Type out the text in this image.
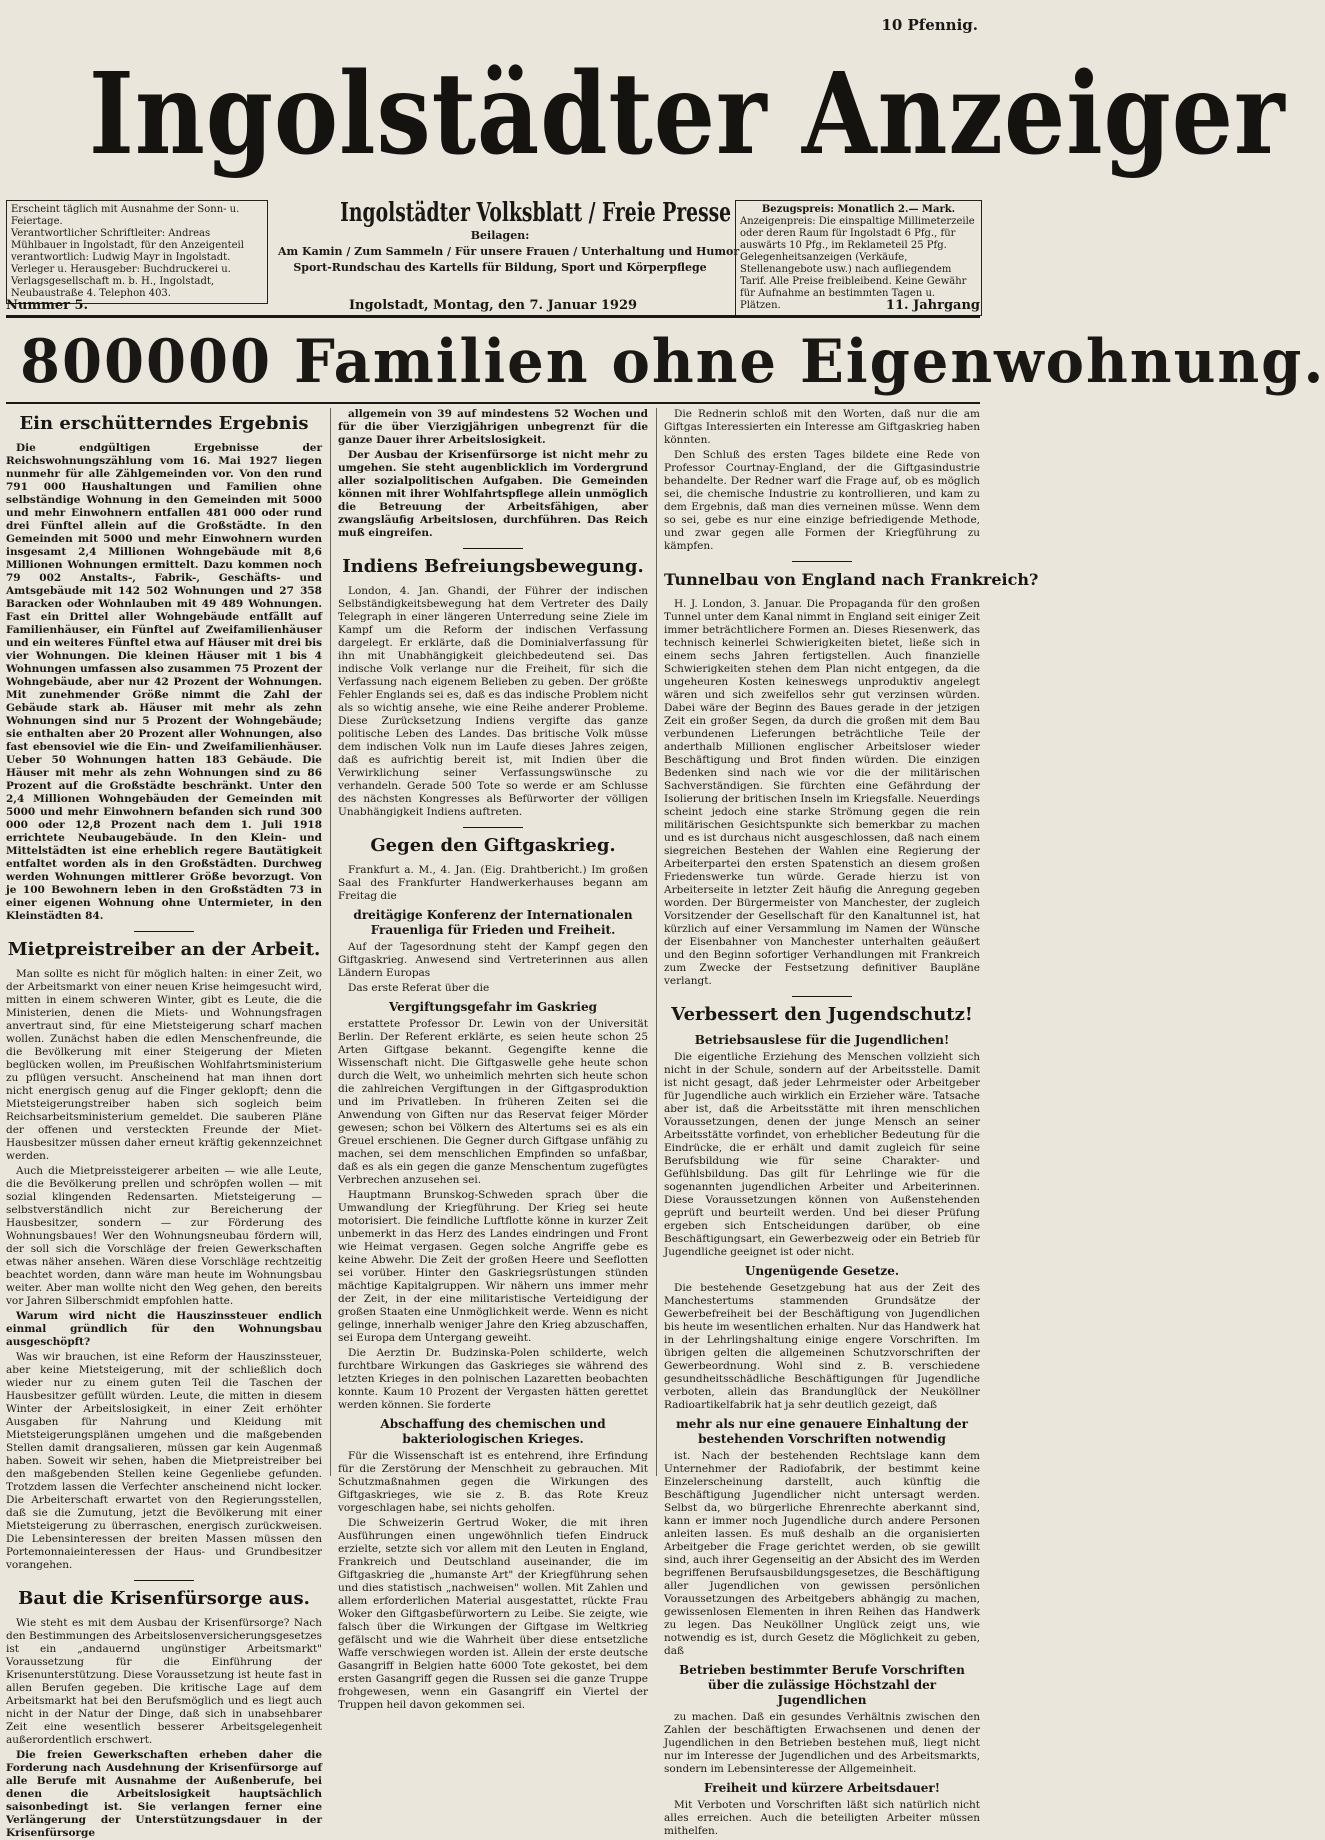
10 Pfennig.
Ingolstädter Anzeiger
Erscheint täglich mit Ausnahme der Sonn- u. Feiertage.
Verantwortlicher Schriftleiter: Andreas Mühlbauer in Ingolstadt, für den Anzeigenteil verantwortlich: Ludwig Mayr in Ingolstadt.
Verleger u. Herausgeber: Buchdruckerei u. Verlagsgesellschaft m. b. H., Ingolstadt, Neubaustraße 4. Telephon 403.
Ingolstädter Volksblatt / Freie Presse
Beilagen:
Am Kamin / Zum Sammeln / Für unsere Frauen / Unterhaltung und Humor
Sport-Rundschau des Kartells für Bildung, Sport und Körperpflege
Bezugspreis: Monatlich 2.— Mark.
Anzeigenpreis: Die einspaltige Millimeterzeile oder deren Raum für Ingolstadt 6 Pfg., für auswärts 10 Pfg., im Reklameteil 25 Pfg. Gelegenheitsanzeigen (Verkäufe, Stellenangebote usw.) nach aufliegendem Tarif. Alle Preise freibleibend. Keine Gewähr für Aufnahme an bestimmten Tagen u. Plätzen.
Nummer 5.	Ingolstadt, Montag, den 7. Januar 1929	11. Jahrgang
800000 Familien ohne Eigenwohnung.
Ein erschütterndes Ergebnis

Die endgültigen Ergebnisse der Reichswohnungszählung vom 16. Mai 1927 liegen nunmehr für alle Zählgemeinden vor. Von den rund 791 000 Haushaltungen und Familien ohne selbständige Wohnung in den Gemeinden mit 5000 und mehr Einwohnern entfallen 481 000 oder rund drei Fünftel allein auf die Großstädte. In den Gemeinden mit 5000 und mehr Einwohnern wurden insgesamt 2,4 Millionen Wohngebäude mit 8,6 Millionen Wohnungen ermittelt. Dazu kommen noch 79 002 Anstalts-, Fabrik-, Geschäfts- und Amtsgebäude mit 142 502 Wohnungen und 27 358 Baracken oder Wohnlauben mit 49 489 Wohnungen. Fast ein Drittel aller Wohngebäude entfällt auf Familienhäuser, ein Fünftel auf Zweifamilienhäuser und ein weiteres Fünftel etwa auf Häuser mit drei bis vier Wohnungen. Die kleinen Häuser mit 1 bis 4 Wohnungen umfassen also zusammen 75 Prozent der Wohngebäude, aber nur 42 Prozent der Wohnungen. Mit zunehmender Größe nimmt die Zahl der Gebäude stark ab. Häuser mit mehr als zehn Wohnungen sind nur 5 Prozent der Wohngebäude; sie enthalten aber 20 Prozent aller Wohnungen, also fast ebensoviel wie die Ein- und Zweifamilienhäuser. Ueber 50 Wohnungen hatten 183 Gebäude. Die Häuser mit mehr als zehn Wohnungen sind zu 86 Prozent auf die Großstädte beschränkt. Unter den 2,4 Millionen Wohngebäuden der Gemeinden mit 5000 und mehr Einwohnern befanden sich rund 300 000 oder 12,8 Prozent nach dem 1. Juli 1918 errichtete Neubaugebäude. In den Klein- und Mittelstädten ist eine erheblich regere Bautätigkeit entfaltet worden als in den Großstädten. Durchweg werden Wohnungen mittlerer Größe bevorzugt. Von je 100 Bewohnern leben in den Großstädten 73 in einer eigenen Wohnung ohne Untermieter, in den Kleinstädten 84.

Mietpreistreiber an der Arbeit.

Man sollte es nicht für möglich halten: in einer Zeit, wo der Arbeitsmarkt von einer neuen Krise heimgesucht wird, mitten in einem schweren Winter, gibt es Leute, die die Ministerien, denen die Miets- und Wohnungsfragen anvertraut sind, für eine Mietsteigerung scharf machen wollen. Zunächst haben die edlen Menschenfreunde, die die Bevölkerung mit einer Steigerung der Mieten beglücken wollen, im Preußischen Wohlfahrtsministerium zu pflügen versucht. Anscheinend hat man ihnen dort nicht energisch genug auf die Finger geklopft; denn die Mietsteigerungstreiber haben sich sogleich beim Reichsarbeitsministerium gemeldet. Die sauberen Pläne der offenen und versteckten Freunde der Miet-Hausbesitzer müssen daher erneut kräftig gekennzeichnet werden.

Auch die Mietpreissteigerer arbeiten — wie alle Leute, die die Bevölkerung prellen und schröpfen wollen — mit sozial klingenden Redensarten. Mietsteigerung — selbstverständlich nicht zur Bereicherung der Hausbesitzer, sondern — zur Förderung des Wohnungsbaues! Wer den Wohnungsneubau fördern will, der soll sich die Vorschläge der freien Gewerkschaften etwas näher ansehen. Wären diese Vorschläge rechtzeitig beachtet worden, dann wäre man heute im Wohnungsbau weiter. Aber man wollte nicht den Weg gehen, den bereits vor Jahren Silberschmidt empfohlen hatte.

Warum wird nicht die Hauszinssteuer endlich einmal gründlich für den Wohnungsbau ausgeschöpft?

Was wir brauchen, ist eine Reform der Hauszinssteuer, aber keine Mietsteigerung, mit der schließlich doch wieder nur zu einem guten Teil die Taschen der Hausbesitzer gefüllt würden. Leute, die mitten in diesem Winter der Arbeitslosigkeit, in einer Zeit erhöhter Ausgaben für Nahrung und Kleidung mit Mietsteigerungsplänen umgehen und die maßgebenden Stellen damit drangsalieren, müssen gar kein Augenmaß haben. Soweit wir sehen, haben die Mietpreistreiber bei den maßgebenden Stellen keine Gegenliebe gefunden. Trotzdem lassen die Verfechter anscheinend nicht locker. Die Arbeiterschaft erwartet von den Regierungsstellen, daß sie die Zumutung, jetzt die Bevölkerung mit einer Mietsteigerung zu überraschen, energisch zurückweisen. Die Lebensinteressen der breiten Massen müssen den Portemonnaieinteressen der Haus- und Grundbesitzer vorangehen.

Baut die Krisenfürsorge aus.

Wie steht es mit dem Ausbau der Krisenfürsorge? Nach den Bestimmungen des Arbeitslosenversicherungsgesetzes ist ein „andauernd ungünstiger Arbeitsmarkt" Voraussetzung für die Einführung der Krisenunterstützung. Diese Voraussetzung ist heute fast in allen Berufen gegeben. Die kritische Lage auf dem Arbeitsmarkt hat bei den Berufsmöglich und es liegt auch nicht in der Natur der Dinge, daß sich in unabsehbarer Zeit eine wesentlich besserer Arbeitsgelegenheit außerordentlich erschwert.

Die freien Gewerkschaften erheben daher die Forderung nach Ausdehnung der Krisenfürsorge auf alle Berufe mit Ausnahme der Außenberufe, bei denen die Arbeitslosigkeit hauptsächlich saisonbedingt ist. Sie verlangen ferner eine Verlängerung der Unterstützungsdauer in der Krisenfürsorge

allgemein von 39 auf mindestens 52 Wochen und für die über Vierzigjährigen unbegrenzt für die ganze Dauer ihrer Arbeitslosigkeit.

Der Ausbau der Krisenfürsorge ist nicht mehr zu umgehen. Sie steht augenblicklich im Vordergrund aller sozialpolitischen Aufgaben. Die Gemeinden können mit ihrer Wohlfahrtspflege allein unmöglich die Betreuung der Arbeitsfähigen, aber zwangsläufig Arbeitslosen, durchführen. Das Reich muß eingreifen.

Indiens Befreiungsbewegung.

London, 4. Jan. Ghandi, der Führer der indischen Selbständigkeitsbewegung hat dem Vertreter des Daily Telegraph in einer längeren Unterredung seine Ziele im Kampf um die Reform der indischen Verfassung dargelegt. Er erklärte, daß die Dominialverfassung für ihn mit Unabhängigkeit gleichbedeutend sei. Das indische Volk verlange nur die Freiheit, für sich die Verfassung nach eigenem Belieben zu geben. Der größte Fehler Englands sei es, daß es das indische Problem nicht als so wichtig ansehe, wie eine Reihe anderer Probleme. Diese Zurücksetzung Indiens vergifte das ganze politische Leben des Landes. Das britische Volk müsse dem indischen Volk nun im Laufe dieses Jahres zeigen, daß es aufrichtig bereit ist, mit Indien über die Verwirklichung seiner Verfassungswünsche zu verhandeln. Gerade 500 Tote so werde er am Schlusse des nächsten Kongresses als Befürworter der völligen Unabhängigkeit Indiens auftreten.

Gegen den Giftgaskrieg.

Frankfurt a. M., 4. Jan. (Eig. Drahtbericht.) Im großen Saal des Frankfurter Handwerkerhauses begann am Freitag die

dreitägige Konferenz der Internationalen Frauenliga für Frieden und Freiheit.

Auf der Tagesordnung steht der Kampf gegen den Giftgaskrieg. Anwesend sind Vertreterinnen aus allen Ländern Europas

Das erste Referat über die

Vergiftungsgefahr im Gaskrieg

erstattete Professor Dr. Lewin von der Universität Berlin. Der Referent erklärte, es seien heute schon 25 Arten Giftgase bekannt. Gegengifte kenne die Wissenschaft nicht. Die Giftgaswelle gehe heute schon durch die Welt, wo unheimlich mehrten sich heute schon die zahlreichen Vergiftungen in der Giftgasproduktion und im Privatleben. In früheren Zeiten sei die Anwendung von Giften nur das Reservat feiger Mörder gewesen; schon bei Völkern des Altertums sei es als ein Greuel erschienen. Die Gegner durch Giftgase unfähig zu machen, sei dem menschlichen Empfinden so unfaßbar, daß es als ein gegen die ganze Menschentum zugefügtes Verbrechen anzusehen sei.

Hauptmann Brunskog-Schweden sprach über die Umwandlung der Kriegführung. Der Krieg sei heute motorisiert. Die feindliche Luftflotte könne in kurzer Zeit unbemerkt in das Herz des Landes eindringen und Front wie Heimat vergasen. Gegen solche Angriffe gebe es keine Abwehr. Die Zeit der großen Heere und Seeflotten sei vorüber. Hinter den Gaskriegsrüstungen stünden mächtige Kapitalgruppen. Wir nähern uns immer mehr der Zeit, in der eine militaristische Verteidigung der großen Staaten eine Unmöglichkeit werde. Wenn es nicht gelinge, innerhalb weniger Jahre den Krieg abzuschaffen, sei Europa dem Untergang geweiht.

Die Aerztin Dr. Budzinska-Polen schilderte, welch furchtbare Wirkungen das Gaskrieges sie während des letzten Krieges in den polnischen Lazaretten beobachten konnte. Kaum 10 Prozent der Vergasten hätten gerettet werden können. Sie forderte

Abschaffung des chemischen und bakteriologischen Krieges.

Für die Wissenschaft ist es entehrend, ihre Erfindung für die Zerstörung der Menschheit zu gebrauchen. Mit Schutzmaßnahmen gegen die Wirkungen des Giftgaskrieges, wie sie z. B. das Rote Kreuz vorgeschlagen habe, sei nichts geholfen.

Die Schweizerin Gertrud Woker, die mit ihren Ausführungen einen ungewöhnlich tiefen Eindruck erzielte, setzte sich vor allem mit den Leuten in England, Frankreich und Deutschland auseinander, die im Giftgaskrieg die „humanste Art" der Kriegführung sehen und dies statistisch „nachweisen" wollen. Mit Zahlen und allem erforderlichen Material ausgestattet, rückte Frau Woker den Giftgasbefürwortern zu Leibe. Sie zeigte, wie falsch über die Wirkungen der Giftgase im Weltkrieg gefälscht und wie die Wahrheit über diese entsetzliche Waffe verschwiegen worden ist. Allein der erste deutsche Gasangriff in Belgien hatte 6000 Tote gekostet, bei dem ersten Gasangriff gegen die Russen sei die ganze Truppe frohgewesen, wenn ein Gasangriff ein Viertel der Truppen heil davon gekommen sei.

Die Rednerin schloß mit den Worten, daß nur die am Giftgas Interessierten ein Interesse am Giftgaskrieg haben könnten.

Den Schluß des ersten Tages bildete eine Rede von Professor Courtnay-England, der die Giftgasindustrie behandelte. Der Redner warf die Frage auf, ob es möglich sei, die chemische Industrie zu kontrollieren, und kam zu dem Ergebnis, daß man dies verneinen müsse. Wenn dem so sei, gebe es nur eine einzige befriedigende Methode, und zwar gegen alle Formen der Kriegführung zu kämpfen.

Tunnelbau von England nach Frankreich?

H. J. London, 3. Januar. Die Propaganda für den großen Tunnel unter dem Kanal nimmt in England seit einiger Zeit immer beträchtlichere Formen an. Dieses Riesenwerk, das technisch keinerlei Schwierigkeiten bietet, ließe sich in einem sechs Jahren fertigstellen. Auch finanzielle Schwierigkeiten stehen dem Plan nicht entgegen, da die ungeheuren Kosten keineswegs unproduktiv angelegt wären und sich zweifellos sehr gut verzinsen würden. Dabei wäre der Beginn des Baues gerade in der jetzigen Zeit ein großer Segen, da durch die großen mit dem Bau verbundenen Lieferungen beträchtliche Teile der anderthalb Millionen englischer Arbeitsloser wieder Beschäftigung und Brot finden würden. Die einzigen Bedenken sind nach wie vor die der militärischen Sachverständigen. Sie fürchten eine Gefährdung der Isolierung der britischen Inseln im Kriegsfalle. Neuerdings scheint jedoch eine starke Strömung gegen die rein militärischen Gesichtspunkte sich bemerkbar zu machen und es ist durchaus nicht ausgeschlossen, daß nach einem siegreichen Bestehen der Wahlen eine Regierung der Arbeiterpartei den ersten Spatenstich an diesem großen Friedenswerke tun würde. Gerade hierzu ist von Arbeiterseite in letzter Zeit häufig die Anregung gegeben worden. Der Bürgermeister von Manchester, der zugleich Vorsitzender der Gesellschaft für den Kanaltunnel ist, hat kürzlich auf einer Versammlung im Namen der Wünsche der Eisenbahner von Manchester unterhalten geäußert und den Beginn sofortiger Verhandlungen mit Frankreich zum Zwecke der Festsetzung definitiver Baupläne verlangt.

Verbessert den Jugendschutz!
Betriebsauslese für die Jugendlichen!

Die eigentliche Erziehung des Menschen vollzieht sich nicht in der Schule, sondern auf der Arbeitsstelle. Damit ist nicht gesagt, daß jeder Lehrmeister oder Arbeitgeber für Jugendliche auch wirklich ein Erzieher wäre. Tatsache aber ist, daß die Arbeitsstätte mit ihren menschlichen Voraussetzungen, denen der junge Mensch an seiner Arbeitsstätte vorfindet, von erheblicher Bedeutung für die Eindrücke, die er erhält und damit zugleich für seine Berufsbildung wie für seine Charakter- und Gefühlsbildung. Das gilt für Lehrlinge wie für die sogenannten jugendlichen Arbeiter und Arbeiterinnen. Diese Voraussetzungen können von Außenstehenden geprüft und beurteilt werden. Und bei dieser Prüfung ergeben sich Entscheidungen darüber, ob eine Beschäftigungsart, ein Gewerbezweig oder ein Betrieb für Jugendliche geeignet ist oder nicht.

Ungenügende Gesetze.

Die bestehende Gesetzgebung hat aus der Zeit des Manchestertums stammenden Grundsätze der Gewerbefreiheit bei der Beschäftigung von Jugendlichen bis heute im wesentlichen erhalten. Nur das Handwerk hat in der Lehrlingshaltung einige engere Vorschriften. Im übrigen gelten die allgemeinen Schutzvorschriften der Gewerbeordnung. Wohl sind z. B. verschiedene gesundheitsschädliche Beschäftigungen für Jugendliche verboten, allein das Brandunglück der Neuköllner Radioartikelfabrik hat ja sehr deutlich gezeigt, daß

mehr als nur eine genauere Einhaltung der bestehenden Vorschriften notwendig

ist. Nach der bestehenden Rechtslage kann dem Unternehmer der Radiofabrik, der bestimmt keine Einzelerscheinung darstellt, auch künftig die Beschäftigung Jugendlicher nicht untersagt werden. Selbst da, wo bürgerliche Ehrenrechte aberkannt sind, kann er immer noch Jugendliche durch andere Personen anleiten lassen. Es muß deshalb an die organisierten Arbeitgeber die Frage gerichtet werden, ob sie gewillt sind, auch ihrer Gegenseitig an der Absicht des im Werden begriffenen Berufsausbildungsgesetzes, die Beschäftigung aller Jugendlichen von gewissen persönlichen Voraussetzungen des Arbeitgebers abhängig zu machen, gewissenlosen Elementen in ihren Reihen das Handwerk zu legen. Das Neuköllner Unglück zeigt uns, wie notwendig es ist, durch Gesetz die Möglichkeit zu geben, daß

Betrieben bestimmter Berufe Vorschriften über die zulässige Höchstzahl der Jugendlichen

zu machen. Daß ein gesundes Verhältnis zwischen den Zahlen der beschäftigten Erwachsenen und denen der Jugendlichen in den Betrieben bestehen muß, liegt nicht nur im Interesse der Jugendlichen und des Arbeitsmarkts, sondern im Lebensinteresse der Allgemeinheit.

Freiheit und kürzere Arbeitsdauer!

Mit Verboten und Vorschriften läßt sich natürlich nicht alles erreichen. Auch die beteiligten Arbeiter müssen mithelfen.
